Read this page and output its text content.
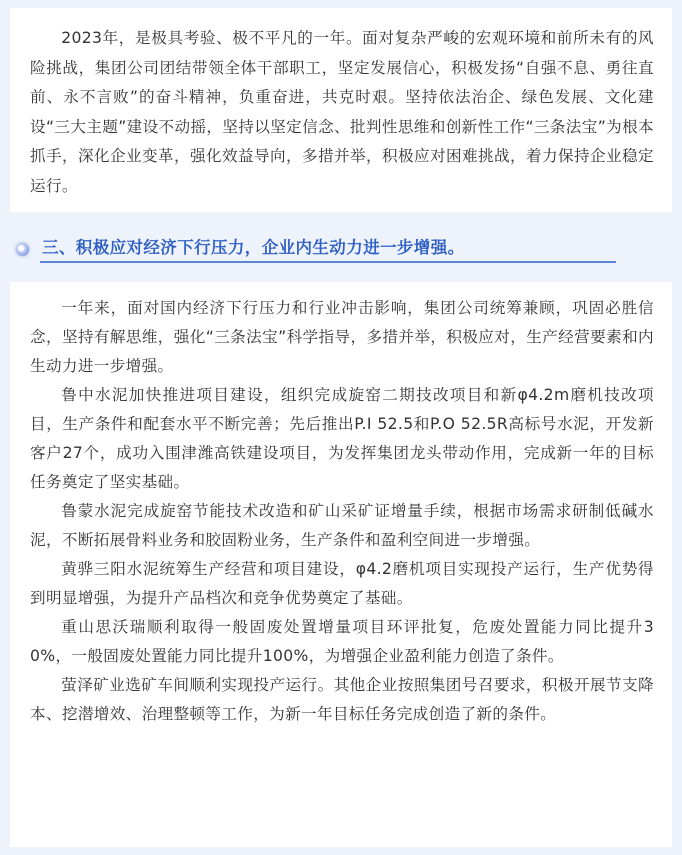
2023年，是极具考验、极不平凡的一年。面对复杂严峻的宏观环境和前所未有的风险挑战，集团公司团结带领全体干部职工，坚定发展信心，积极发扬“自强不息、勇往直前、永不言败”的奋斗精神，负重奋进，共克时艰。坚持依法治企、绿色发展、文化建设“三大主题”建设不动摇，坚持以坚定信念、批判性思维和创新性工作“三条法宝”为根本抓手，深化企业变革，强化效益导向，多措并举，积极应对困难挑战，着力保持企业稳定运行。

三、积极应对经济下行压力，企业内生动力进一步增强。

一年来，面对国内经济下行压力和行业冲击影响，集团公司统筹兼顾，巩固必胜信念，坚持有解思维，强化“三条法宝”科学指导，多措并举，积极应对，生产经营要素和内生动力进一步增强。

鲁中水泥加快推进项目建设，组织完成旋窑二期技改项目和新φ4.2m磨机技改项目，生产条件和配套水平不断完善；先后推出P.I 52.5和P.O 52.5R高标号水泥，开发新客户27个，成功入围津潍高铁建设项目，为发挥集团龙头带动作用，完成新一年的目标任务奠定了坚实基础。

鲁蒙水泥完成旋窑节能技术改造和矿山采矿证增量手续，根据市场需求研制低碱水泥，不断拓展骨料业务和胶固粉业务，生产条件和盈利空间进一步增强。

黄骅三阳水泥统筹生产经营和项目建设，φ4.2磨机项目实现投产运行，生产优势得到明显增强，为提升产品档次和竞争优势奠定了基础。

重山思沃瑞顺利取得一般固废处置增量项目环评批复，危废处置能力同比提升30%，一般固废处置能力同比提升100%，为增强企业盈利能力创造了条件。

萤泽矿业选矿车间顺利实现投产运行。其他企业按照集团号召要求，积极开展节支降本、挖潜增效、治理整顿等工作，为新一年目标任务完成创造了新的条件。
